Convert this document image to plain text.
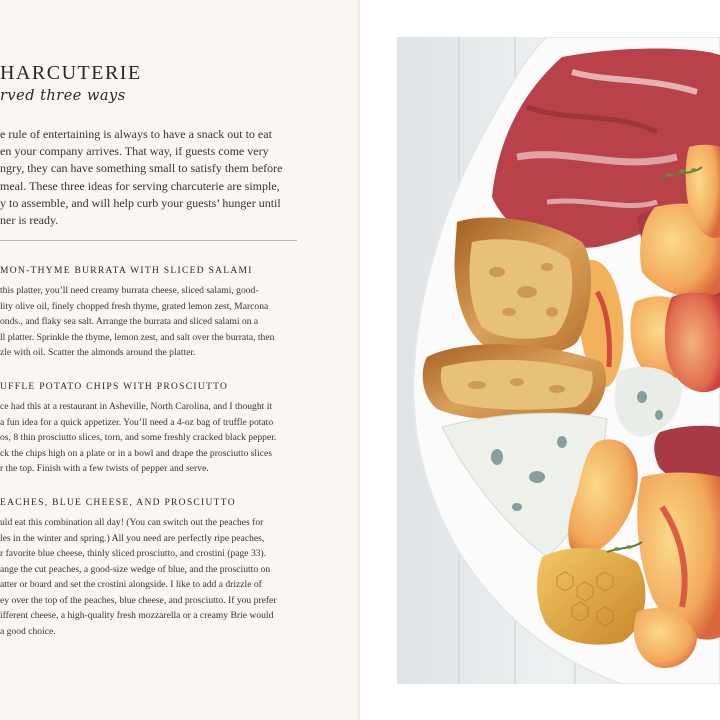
HARCUTERIE
rved three ways
e rule of entertaining is always to have a snack out to eat
en your company arrives. That way, if guests come very
ngry, they can have something small to satisfy them before
meal. These three ideas for serving charcuterie are simple,
y to assemble, and will help curb your guests’ hunger until
ner is ready.
MON-THYME BURRATA WITH SLICED SALAMI
this platter, you’ll need creamy burrata cheese, sliced salami, good-
lity olive oil, finely chopped fresh thyme, grated lemon zest, Marcona
onds., and flaky sea salt. Arrange the burrata and sliced salami on a
ll platter. Sprinkle the thyme, lemon zest, and salt over the burrata, then
zle with oil. Scatter the almonds around the platter.
UFFLE POTATO CHIPS WITH PROSCIUTTO
ce had this at a restaurant in Asheville, North Carolina, and I thought it
a fun idea for a quick appetizer. You’ll need a 4-oz bag of truffle potato
os, 8 thin prosciutto slices, torn, and some freshly cracked black pepper.
ck the chips high on a plate or in a bowl and drape the prosciutto slices
r the top. Finish with a few twists of pepper and serve.
EACHES, BLUE CHEESE, AND PROSCIUTTO
uld eat this combination all day! (You can switch out the peaches for
les in the winter and spring.) All you need are perfectly ripe peaches,
r favorite blue cheese, thinly sliced prosciutto, and crostini (page 33).
ange the cut peaches, a good-size wedge of blue, and the prosciutto on
atter or board and set the crostini alongside. I like to add a drizzle of
ey over the top of the peaches, blue cheese, and prosciutto. If you prefer
ifferent cheese, a high-quality fresh mozzarella or a creamy Brie would
a good choice.
